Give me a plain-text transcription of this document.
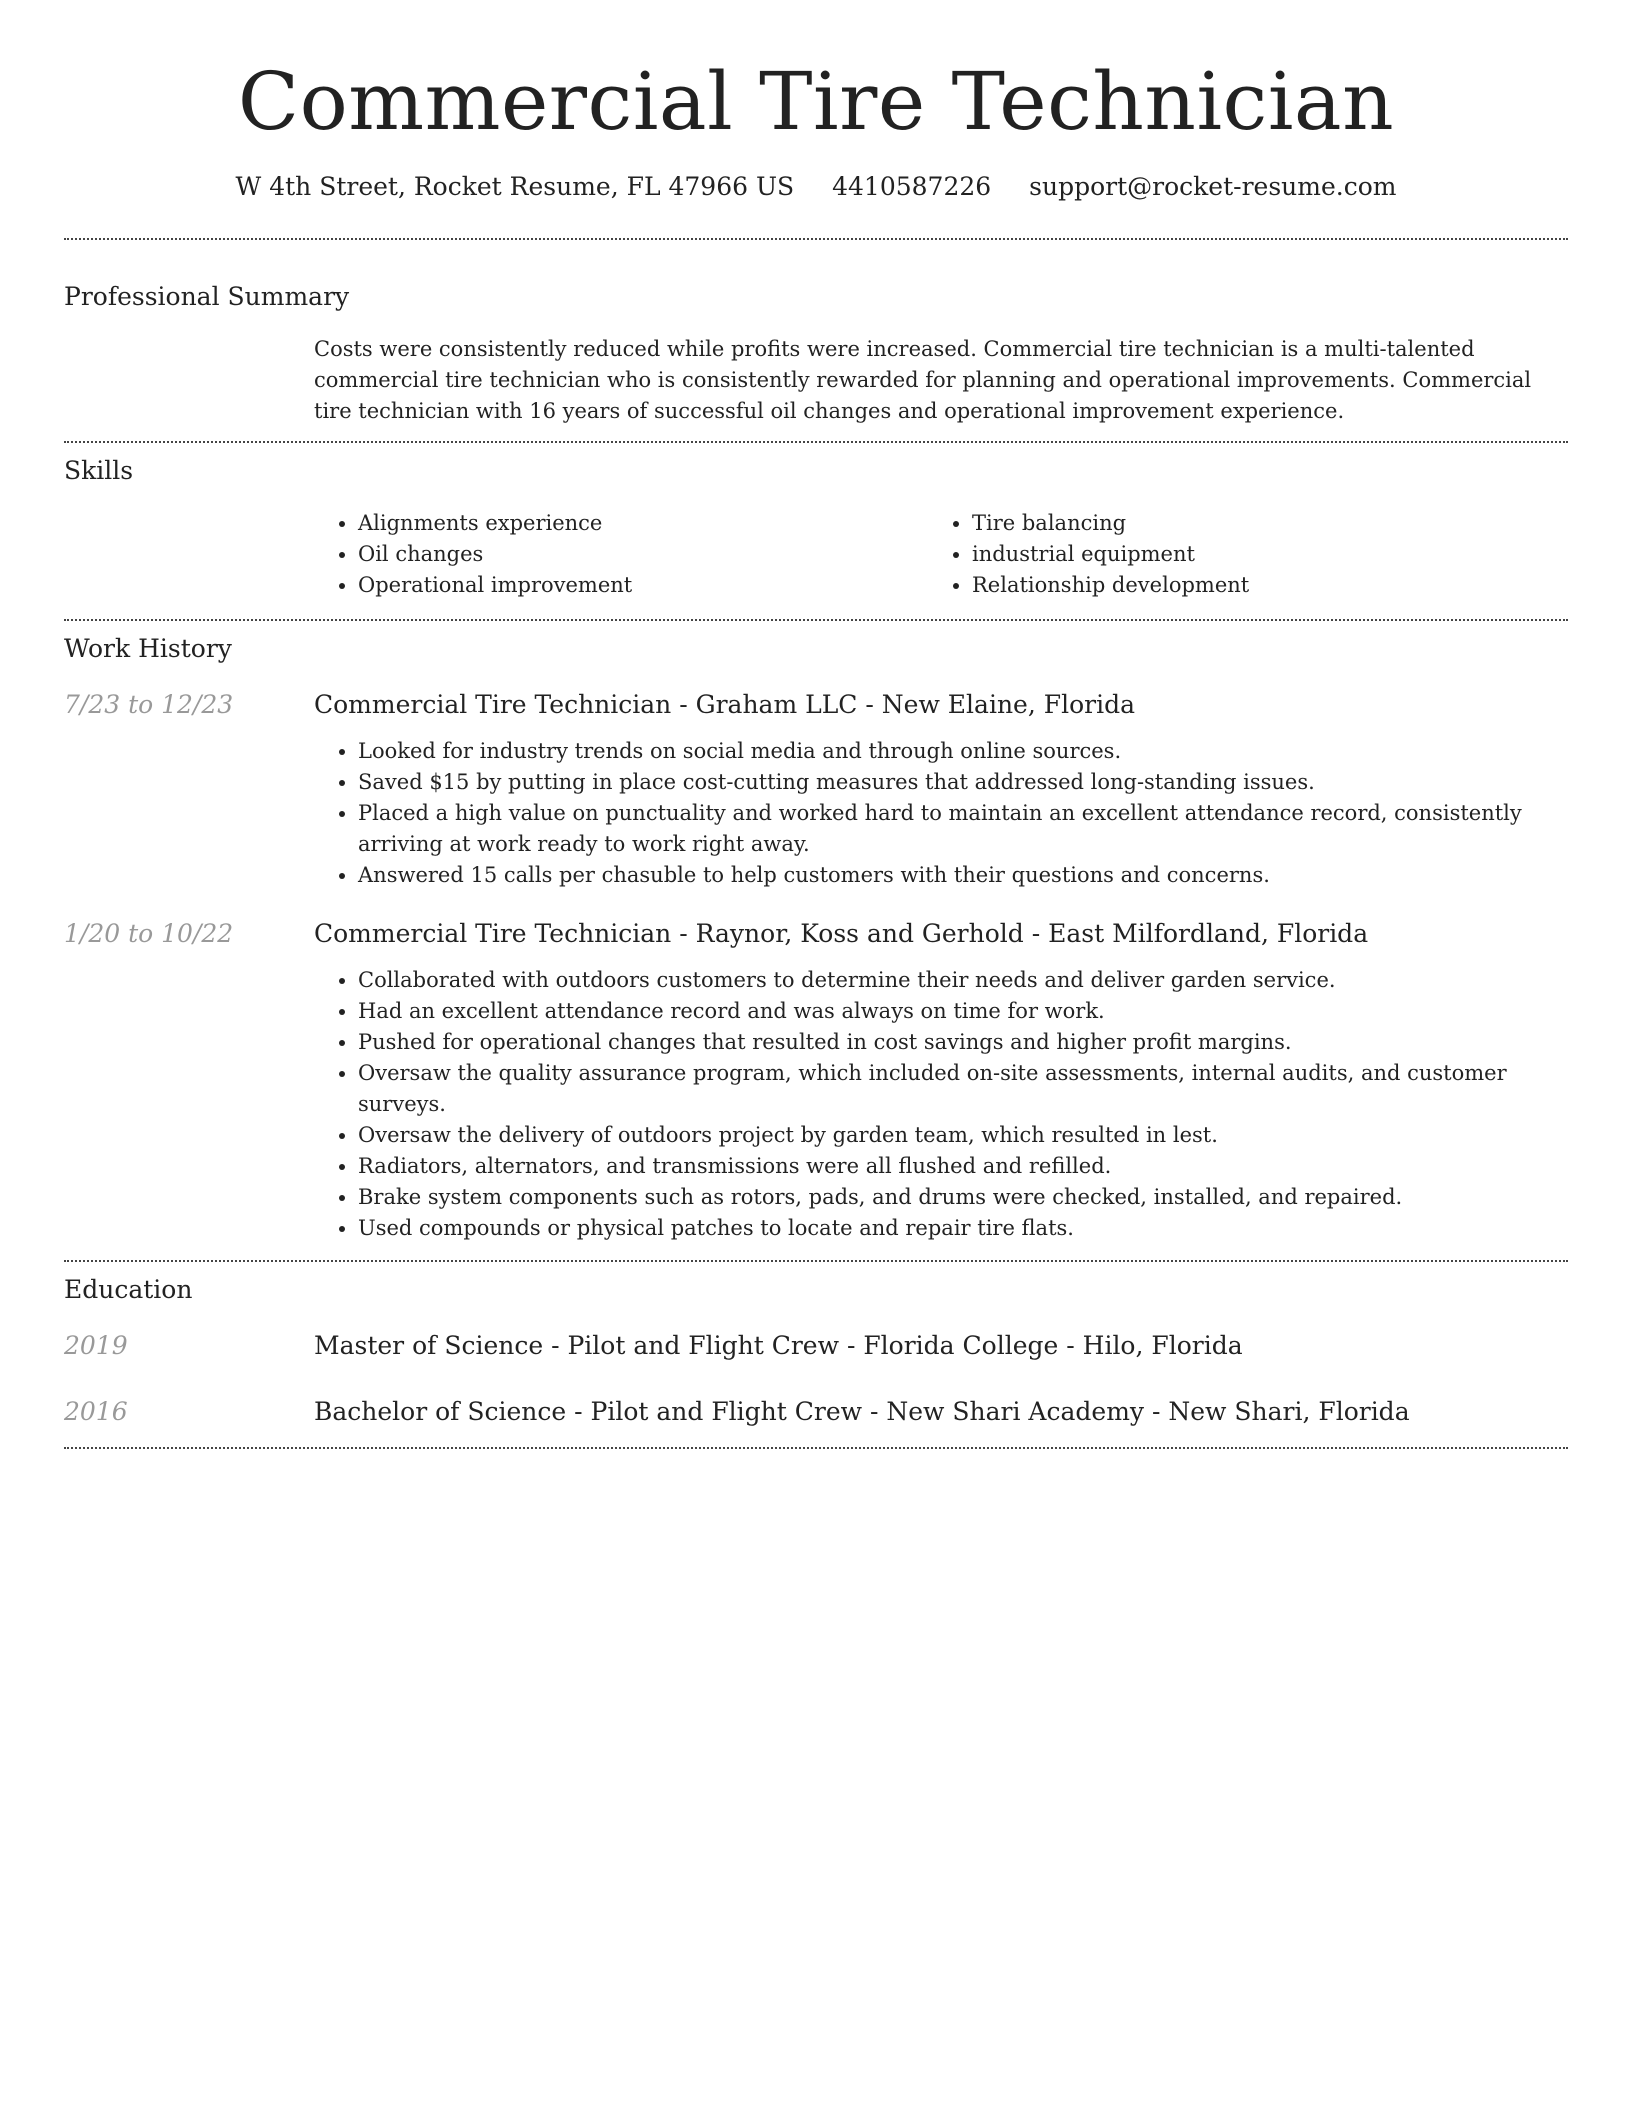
Commercial Tire Technician
W 4th Street, Rocket Resume, FL 47966 US 4410587226 support@rocket-resume.com
Professional Summary

Costs were consistently reduced while profits were increased. Commercial tire technician is a multi-talented commercial tire technician who is consistently rewarded for planning and operational improvements. Commercial tire technician with 16 years of successful oil changes and operational improvement experience.

Skills
• Alignments experience
• Oil changes
• Operational improvement
• Tire balancing
• industrial equipment
• Relationship development
Work History
7/23 to 12/23	Commercial Tire Technician - Graham LLC - New Elaine, Florida
• Looked for industry trends on social media and through online sources.
• Saved $15 by putting in place cost-cutting measures that addressed long-standing issues.
• Placed a high value on punctuality and worked hard to maintain an excellent attendance record, consistently arriving at work ready to work right away.
• Answered 15 calls per chasuble to help customers with their questions and concerns.
1/20 to 10/22	Commercial Tire Technician - Raynor, Koss and Gerhold - East Milfordland, Florida
• Collaborated with outdoors customers to determine their needs and deliver garden service.
• Had an excellent attendance record and was always on time for work.
• Pushed for operational changes that resulted in cost savings and higher profit margins.
• Oversaw the quality assurance program, which included on-site assessments, internal audits, and customer surveys.
• Oversaw the delivery of outdoors project by garden team, which resulted in lest.
• Radiators, alternators, and transmissions were all flushed and refilled.
• Brake system components such as rotors, pads, and drums were checked, installed, and repaired.
• Used compounds or physical patches to locate and repair tire flats.
Education
2019	Master of Science - Pilot and Flight Crew - Florida College - Hilo, Florida
2016	Bachelor of Science - Pilot and Flight Crew - New Shari Academy - New Shari, Florida
